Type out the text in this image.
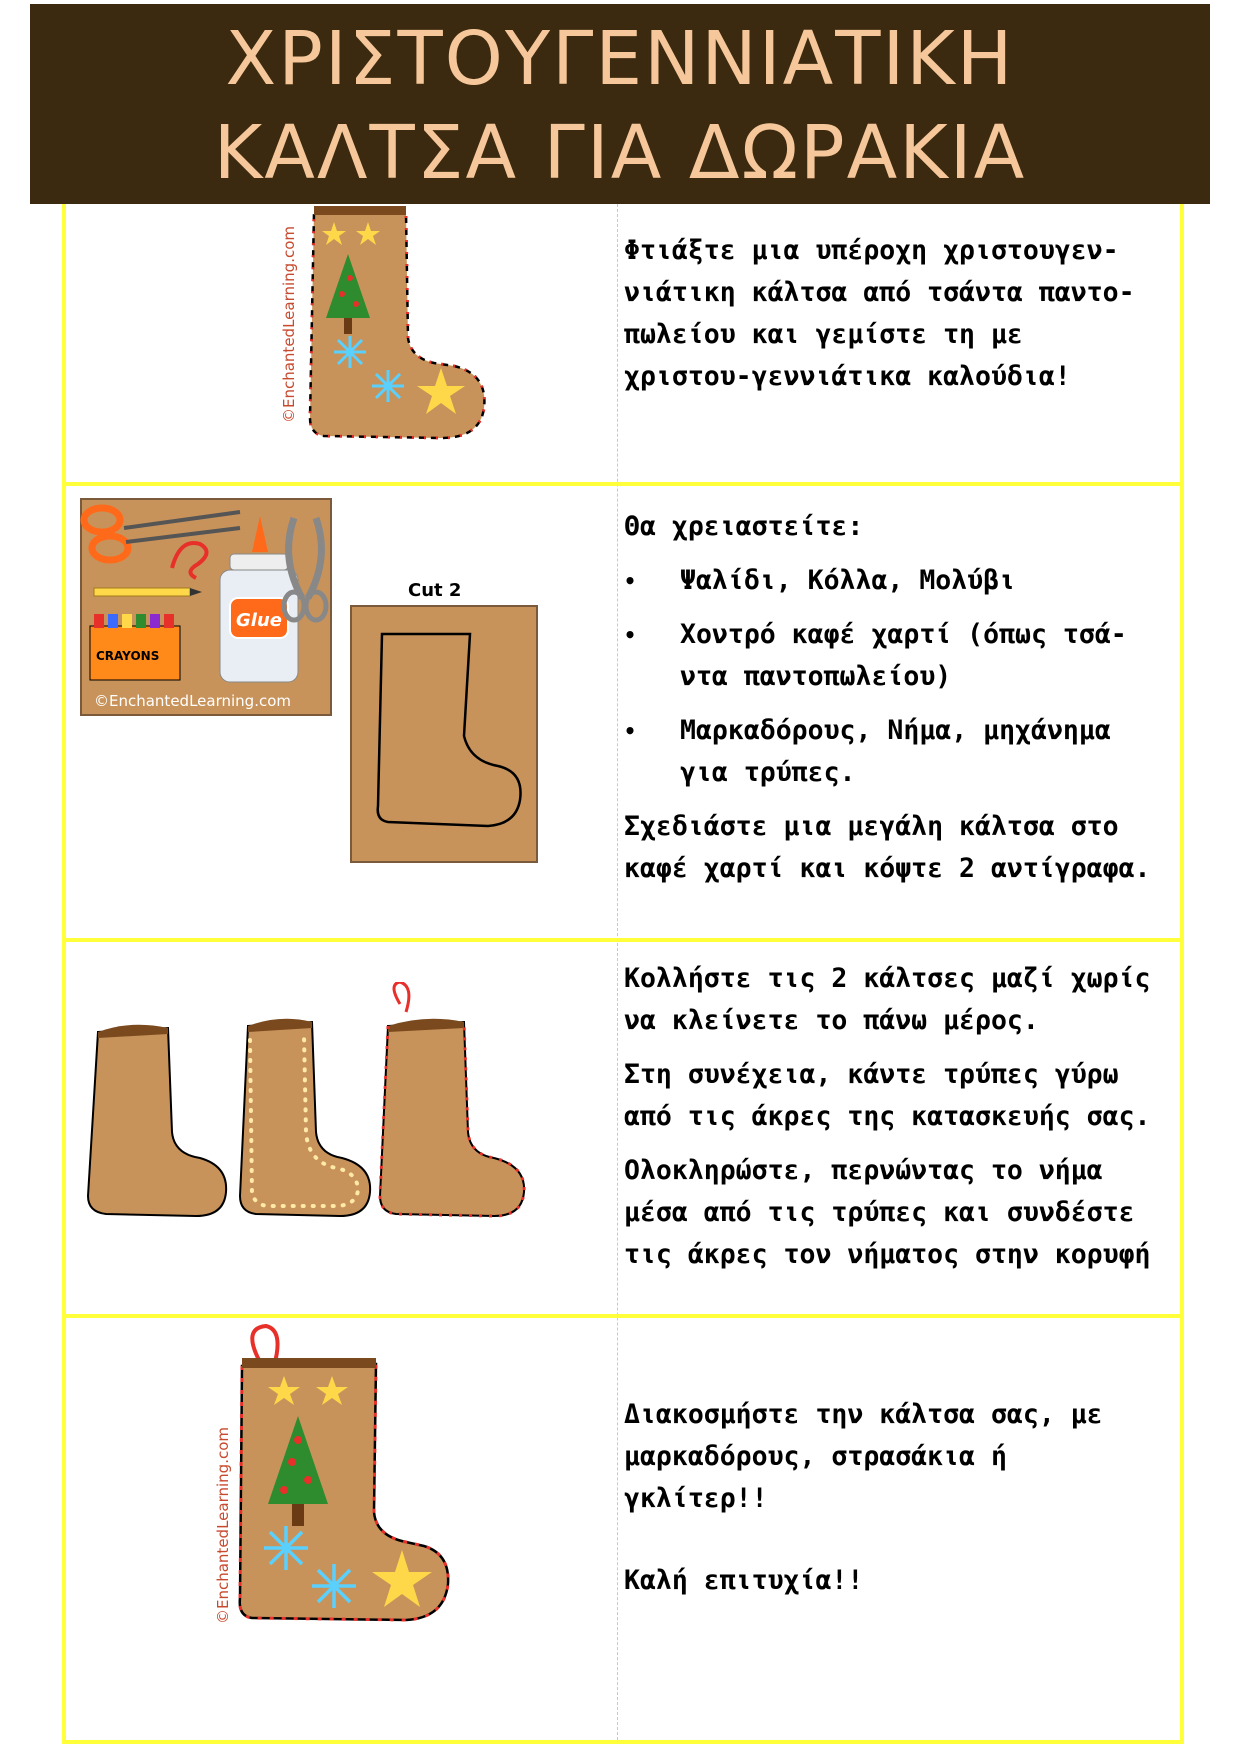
ΧΡΙΣΤΟΥΓΕΝΝΙΑΤΙΚΗ
ΚΑΛΤΣΑ ΓΙΑ ΔΩΡΑΚΙΑ
©EnchantedLearning.com	Φτιάξτε μια υπέροχη χριστουγεν-νιάτικη κάλτσα από τσάντα παντο-πωλείου και γεμίστε τη με χριστου-γεννιάτικα καλούδια!

CRAYONS
Glue
©EnchantedLearning.com
Cut 2

Θα χρειαστείτε:

• Ψαλίδι, Κόλλα, Μολύβι
• Χοντρό καφέ χαρτί (όπως τσά-ντα παντοπωλείου)
• Μαρκαδόρους, Νήμα, μηχάνημα για τρύπες.

Σχεδιάστε μια μεγάλη κάλτσα στο καφέ χαρτί και κόψτε 2 αντίγραφα.

Κολλήστε τις 2 κάλτσες μαζί χωρίς να κλείνετε το πάνω μέρος.

Στη συνέχεια, κάντε τρύπες γύρω από τις άκρες της κατασκευής σας.

Ολοκληρώστε, περνώντας το νήμα μέσα από τις τρύπες και συνδέστε τις άκρες τον νήματος στην κορυφή

©EnchantedLearning.com

Διακοσμήστε την κάλτσα σας, με μαρκαδόρους, στρασάκια ή γκλίτερ!!

Καλή επιτυχία!!
